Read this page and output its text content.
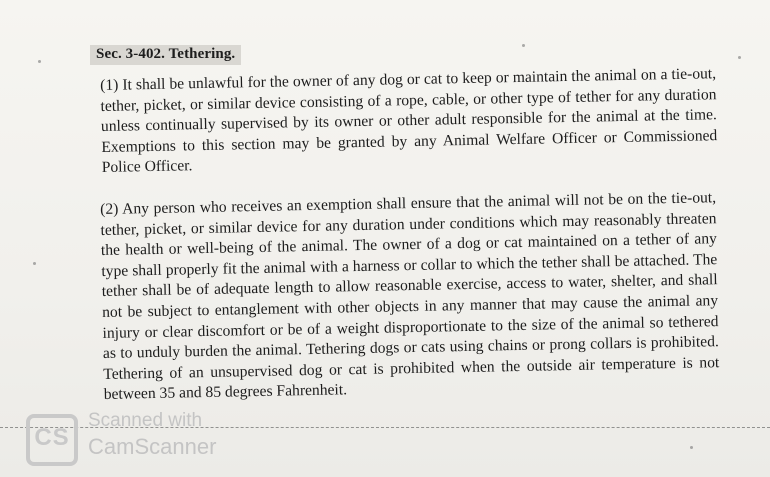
Sec. 3-402. Tethering.

(1) It shall be unlawful for the owner of any dog or cat to keep or maintain the animal on a tie-out, tether, picket, or similar device consisting of a rope, cable, or other type of tether for any duration unless continually supervised by its owner or other adult responsible for the animal at the time. Exemptions to this section may be granted by any Animal Welfare Officer or Commissioned Police Officer.

(2) Any person who receives an exemption shall ensure that the animal will not be on the tie-out, tether, picket, or similar device for any duration under conditions which may reasonably threaten the health or well-being of the animal. The owner of a dog or cat maintained on a tether of any type shall properly fit the animal with a harness or collar to which the tether shall be attached. The tether shall be of adequate length to allow reasonable exercise, access to water, shelter, and shall not be subject to entanglement with other objects in any manner that may cause the animal any injury or clear discomfort or be of a weight disproportionate to the size of the animal so tethered as to unduly burden the animal. Tethering dogs or cats using chains or prong collars is prohibited. Tethering of an unsupervised dog or cat is prohibited when the outside air temperature is not between 35 and 85 degrees Fahrenheit.

CS
Scanned with
CamScanner
